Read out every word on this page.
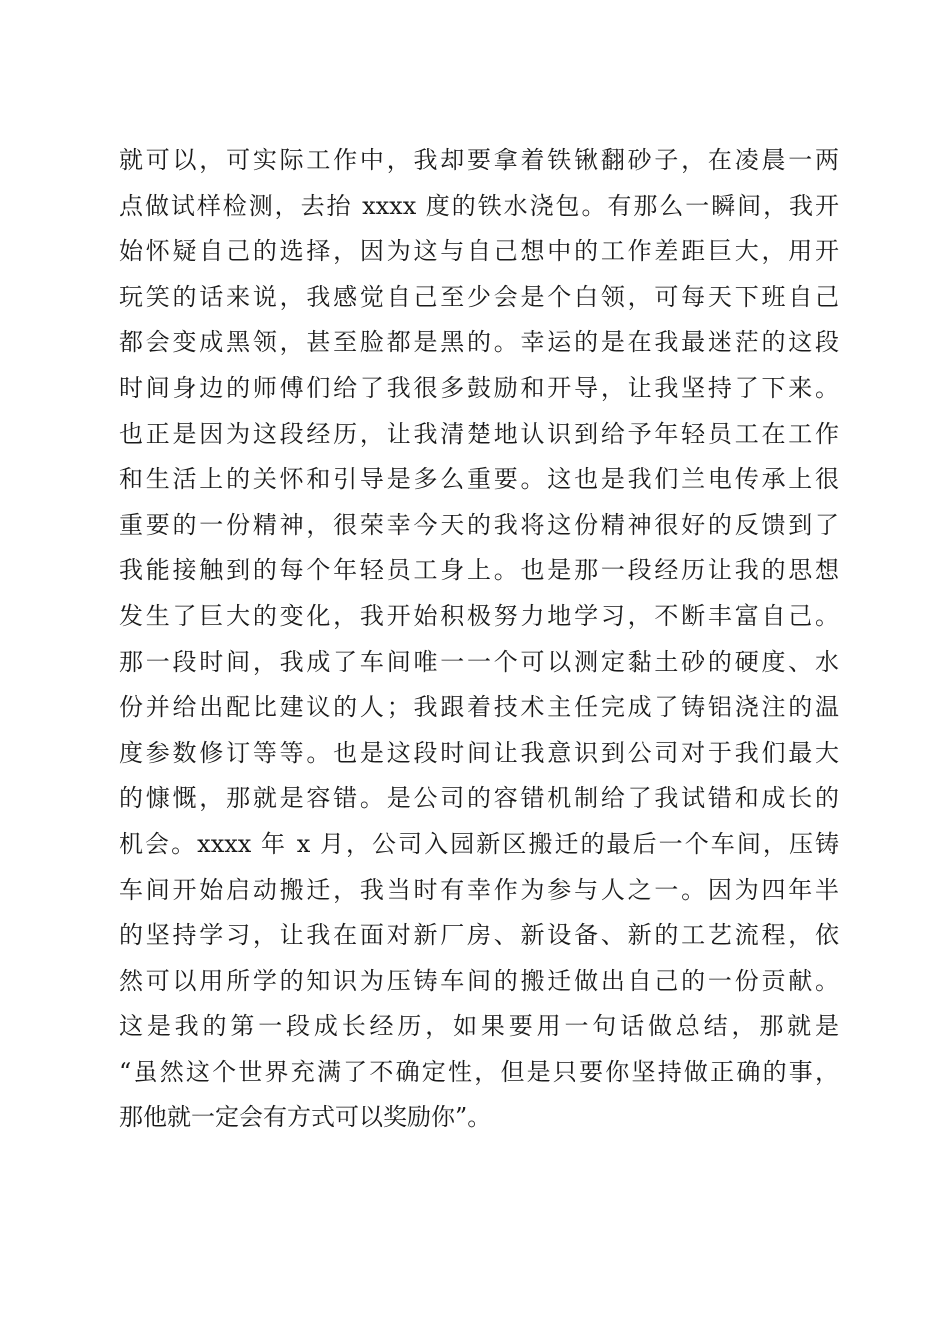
就可以，可实际工作中，我却要拿着铁锹翻砂子，在凌晨一两
点做试样检测，去抬 xxxx 度的铁水浇包。有那么一瞬间，我开
始怀疑自己的选择，因为这与自己想中的工作差距巨大，用开
玩笑的话来说，我感觉自己至少会是个白领，可每天下班自己
都会变成黑领，甚至脸都是黑的。幸运的是在我最迷茫的这段
时间身边的师傅们给了我很多鼓励和开导，让我坚持了下来。
也正是因为这段经历，让我清楚地认识到给予年轻员工在工作
和生活上的关怀和引导是多么重要。这也是我们兰电传承上很
重要的一份精神，很荣幸今天的我将这份精神很好的反馈到了
我能接触到的每个年轻员工身上。也是那一段经历让我的思想
发生了巨大的变化，我开始积极努力地学习，不断丰富自己。
那一段时间，我成了车间唯一一个可以测定黏土砂的硬度、水
份并给出配比建议的人；我跟着技术主任完成了铸铝浇注的温
度参数修订等等。也是这段时间让我意识到公司对于我们最大
的慷慨，那就是容错。是公司的容错机制给了我试错和成长的
机会。xxxx 年 x 月，公司入园新区搬迁的最后一个车间，压铸
车间开始启动搬迁，我当时有幸作为参与人之一。因为四年半
的坚持学习，让我在面对新厂房、新设备、新的工艺流程，依
然可以用所学的知识为压铸车间的搬迁做出自己的一份贡献。
这是我的第一段成长经历，如果要用一句话做总结，那就是
“虽然这个世界充满了不确定性，但是只要你坚持做正确的事，
那他就一定会有方式可以奖励你”。
